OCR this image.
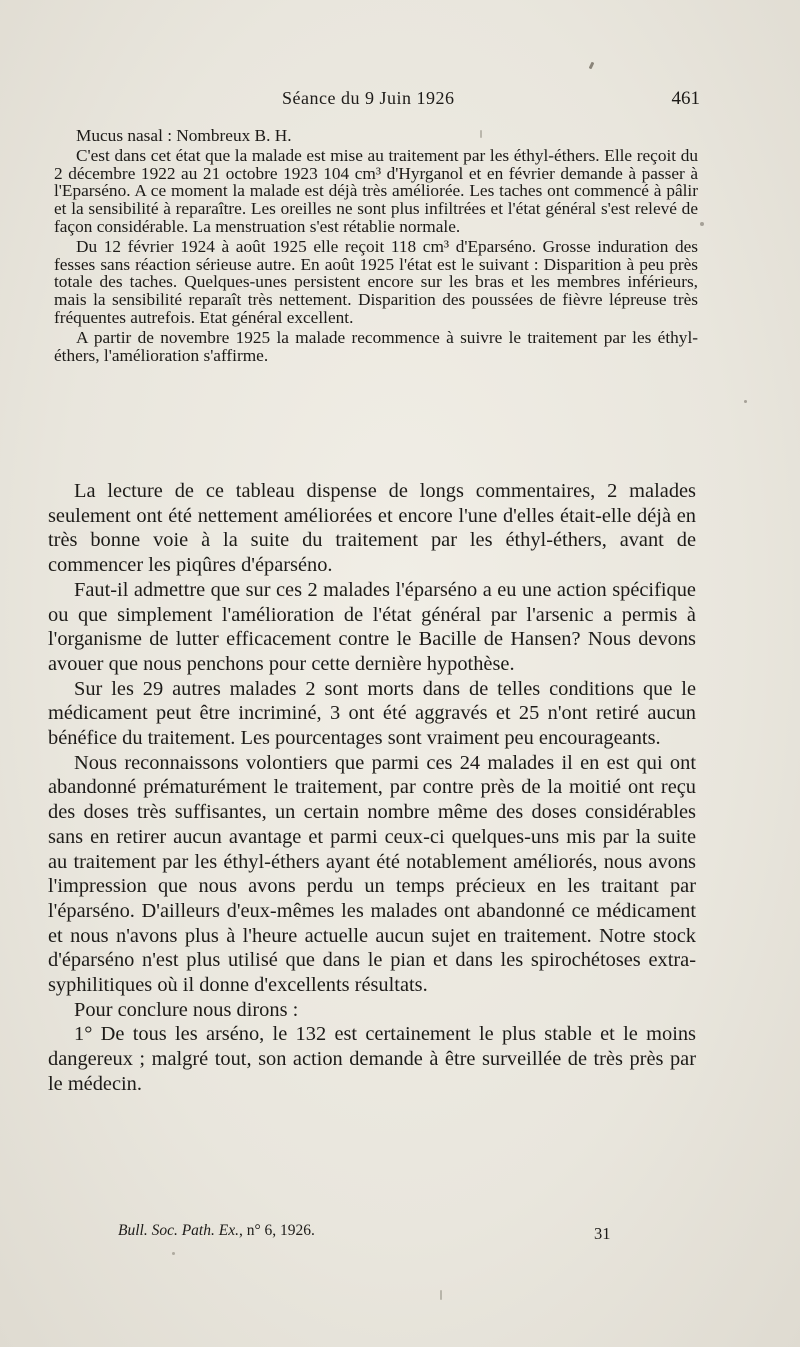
Séance du 9 Juin 1926	461

Mucus nasal : Nombreux B. H.

C'est dans cet état que la malade est mise au traitement par les éthyl-éthers. Elle reçoit du 2 décembre 1922 au 21 octobre 1923 104 cm³ d'Hyrganol et en février demande à passer à l'Eparséno. A ce moment la malade est déjà très améliorée. Les taches ont commencé à pâlir et la sensibilité à reparaître. Les oreilles ne sont plus infiltrées et l'état général s'est relevé de façon considérable. La menstruation s'est rétablie normale.

Du 12 février 1924 à août 1925 elle reçoit 118 cm³ d'Eparséno. Grosse induration des fesses sans réaction sérieuse autre. En août 1925 l'état est le suivant : Disparition à peu près totale des taches. Quelques-unes persistent encore sur les bras et les membres inférieurs, mais la sensibilité reparaît très nettement. Disparition des poussées de fièvre lépreuse très fréquentes autrefois. Etat général excellent.

A partir de novembre 1925 la malade recommence à suivre le traitement par les éthyl-éthers, l'amélioration s'affirme.

La lecture de ce tableau dispense de longs commentaires, 2 malades seulement ont été nettement améliorées et encore l'une d'elles était-elle déjà en très bonne voie à la suite du traitement par les éthyl-éthers, avant de commencer les piqûres d'éparséno.

Faut-il admettre que sur ces 2 malades l'éparséno a eu une action spécifique ou que simplement l'amélioration de l'état général par l'arsenic a permis à l'organisme de lutter efficacement contre le Bacille de Hansen? Nous devons avouer que nous penchons pour cette dernière hypothèse.

Sur les 29 autres malades 2 sont morts dans de telles conditions que le médicament peut être incriminé, 3 ont été aggravés et 25 n'ont retiré aucun bénéfice du traitement. Les pourcentages sont vraiment peu encourageants.

Nous reconnaissons volontiers que parmi ces 24 malades il en est qui ont abandonné prématurément le traitement, par contre près de la moitié ont reçu des doses très suffisantes, un certain nombre même des doses considérables sans en retirer aucun avantage et parmi ceux-ci quelques-uns mis par la suite au traitement par les éthyl-éthers ayant été notablement améliorés, nous avons l'impression que nous avons perdu un temps précieux en les traitant par l'éparséno. D'ailleurs d'eux-mêmes les malades ont abandonné ce médicament et nous n'avons plus à l'heure actuelle aucun sujet en traitement. Notre stock d'éparséno n'est plus utilisé que dans le pian et dans les spirochétoses extra-syphilitiques où il donne d'excellents résultats.

Pour conclure nous dirons :

1° De tous les arséno, le 132 est certainement le plus stable et le moins dangereux ; malgré tout, son action demande à être surveillée de très près par le médecin.

Bull. Soc. Path. Ex., n° 6, 1926.	31
